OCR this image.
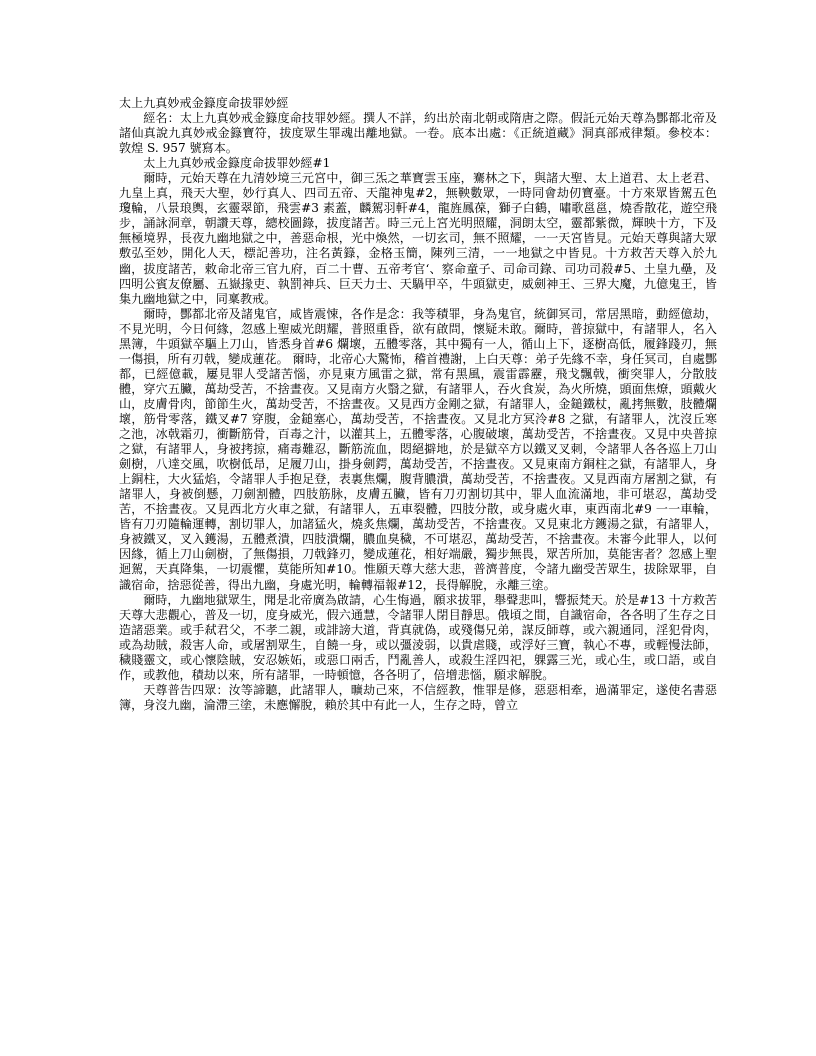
太上九真妙戒金籙度命拔罪妙經

經名：太上九真妙戒金籙度命技罪妙經。撰人不詳，約出於南北朝或隋唐之際。假託元始天尊為酆都北帝及諸仙真說九真妙戒金籙寶符，拔度眾生罪魂出離地獄。一卷。底本出處：《正統道藏》洞真部戒律類。參校本：敦煌 S. 957 號寫本。

太上九真妙戒金籙度命拔罪妙經#1

爾時，元始天尊在九清妙境三元宮中，御三炁之華寶雲玉座，騫林之下，與諸大聖、太上道君、太上老君、九皇上真，飛天大聖，妙行真人、四司五帝、天龍神鬼#2，無鞅數眾，一時同會劫仞寶臺。十方來眾皆駕五色瓊輪，八景琅輿，玄靈翠節，飛雲#3 素蓋，麟駕羽軒#4，龍旌鳳葆，獅子白鶴，嘯歌邕邕，燒香散花，遊空飛步，誦詠洞章，朝讚天尊，總校圖錄，拔度諸苦。時三元上宮光明照耀，洞朗太空，靈都紫微，輝映十方，下及無極境界，長夜九幽地獄之中，善惡命根，光中煥然，一切玄司，無不照耀，一一天宮皆見。元始天尊與諸大眾敷弘至妙，開化人天，標記善功，注名黃籙，金格玉簡，陳列三清，一一地獄之中皆見。十方救苦天尊入於九幽，拔度諸苦，敕命北帝三官九府，百二十曹、五帝考官‘、察命童子、司命司錄、司功司殺#5、土皇九壘，及四明公賓友僚屬、五嶽掾吏、執罰神兵、巨天力士、天騧甲卒，牛頭獄吏，威劍神王、三界大魔，九億鬼王，皆集九幽地獄之中，同稟教戒。

爾時，酆都北帝及諸鬼官，咸皆震悚，各作是念：我等積罪，身為鬼官，統御冥司，常居黑暗，動經億劫，不見光明，今日何緣，忽感上聖威光朗耀，普照重昏，欲有啟問，懷疑未敢。爾時，普掠獄中，有諸罪人，名入黑簿，牛頭獄卒驅上刀山，皆悉身首#6 爛壞，五體零落，其中獨有一人，循山上下，逐樹高低，履鋒踐刃，無一傷損，所有刃戟，變成蓮花。 爾時，北帝心大驚怖，稽首禮謝，上白天尊：弟子先緣不幸，身任冥司，自處酆都，已經億載，屢見罪人受諸苦惱，亦見東方風雷之獄，常有黑風，震雷霹靂，飛戈飄戟，衝突罪人，分散肢體，穿穴五臟，萬劫受苦，不捨晝夜。又見南方火翳之獄，有諸罪人，吞火食炭，為火所燒，頭面焦燎，頭戴火山，皮膚骨肉，節節生火，萬劫受苦，不捨晝夜。又見西方金剛之獄，有諸罪人，金鎚鐵杖，亂拷無數，肢體爛壞，筋骨零落，鐵叉#7 穿腹，金鎚塞心，萬劫受苦，不捨晝夜。又見北方冥泠#8 之獄，有諸罪人，沈沒丘寒之池，冰戟霜刃，衝斷筋骨，百毒之汁，以灌其上，五體零落，心腹破壞，萬劫受苦，不捨晝夜。又見中央普掠之獄，有諸罪人，身被拷掠，痛毒難忍，斷筋流血，悶絕擗地，於是獄卒方以鐵叉叉刺，令諸罪人各各巡上刀山劍樹，八達交風，吹樹低昂，足履刀山，掛身劍鍔，萬劫受苦，不捨晝夜。又見東南方銅柱之獄，有諸罪人，身上銅柱，大火猛焰，令諸罪人手抱足登，表裏焦爛，腹背膿潰，萬劫受苦，不捨晝夜。又見西南方屠割之獄，有諸罪人，身被倒懸，刀劍割體，四肢筋脉，皮膚五臟，皆有刀刃割切其中，罪人血流滿地，非可堪忍，萬劫受苦，不捨晝夜。又見西北方火車之獄，有諸罪人，五車裂體，四肢分散，或身處火車，東西南北#9 一一車輪，皆有刀刃隨輪運轉，割切罪人，加諸猛火，燒炙焦爛，萬劫受苦，不捨晝夜。又見東北方鑊湯之獄，有諸罪人，身被鐵叉，叉入鑊湯，五體煮潰，四肢潰爛，膿血臭穢，不可堪忍，萬劫受苦，不捨晝夜。未審今此罪人，以何因緣，循上刀山劍樹，了無傷損，刀戟鋒刃，變成蓮花，相好端嚴，獨步無畏，眾苦所加，莫能害者？忽感上聖迴駕，天真降集，一切震懼，莫能所知#10。惟願天尊大慈大悲，普濟普度，令諸九幽受苦眾生，拔除眾罪，自識宿命，捨惡從善，得出九幽，身處光明，輪轉福報#12，長得解脫，永離三塗。

爾時，九幽地獄眾生，聞是北帝廣為啟請，心生悔過，願求拔罪，舉聲悲叫，響振梵天。於是#13 十方救苦天尊大悲觀心，普及一切，度身威光，假六通慧，令諸罪人閉目靜思。俄頃之間，自識宿命，各各明了生存之日造諸惡業。或手弒君父，不孝二親，或誹謗大道，背真就偽，或殘傷兄弟，謀反師尊，或六親通同，淫犯骨肉，或為劫賊，殺害人命，或屠割眾生，自饒一身，或以彊淩弱，以貴虐賤，或浮好三寶，執心不專，或輕慢法師，穢賤靈文，或心懷陰賊，安忍嫉妬，或惡口兩舌，鬥亂善人，或殺生淫四祀，躶露三光，或心生，或口語，或自作，或教他，積劫以來，所有諸罪，一時頓憶，各各明了，倍增悲惱，願求解脫。

天尊普告四眾：汝等諦聽，此諸罪人，曠劫己來，不信經教，惟罪是修，惡惡相牽，過滿罪定，遂使名書惡簿，身沒九幽，淪滯三塗，未應懈脫，賴於其中有此一人，生存之時，曾立
